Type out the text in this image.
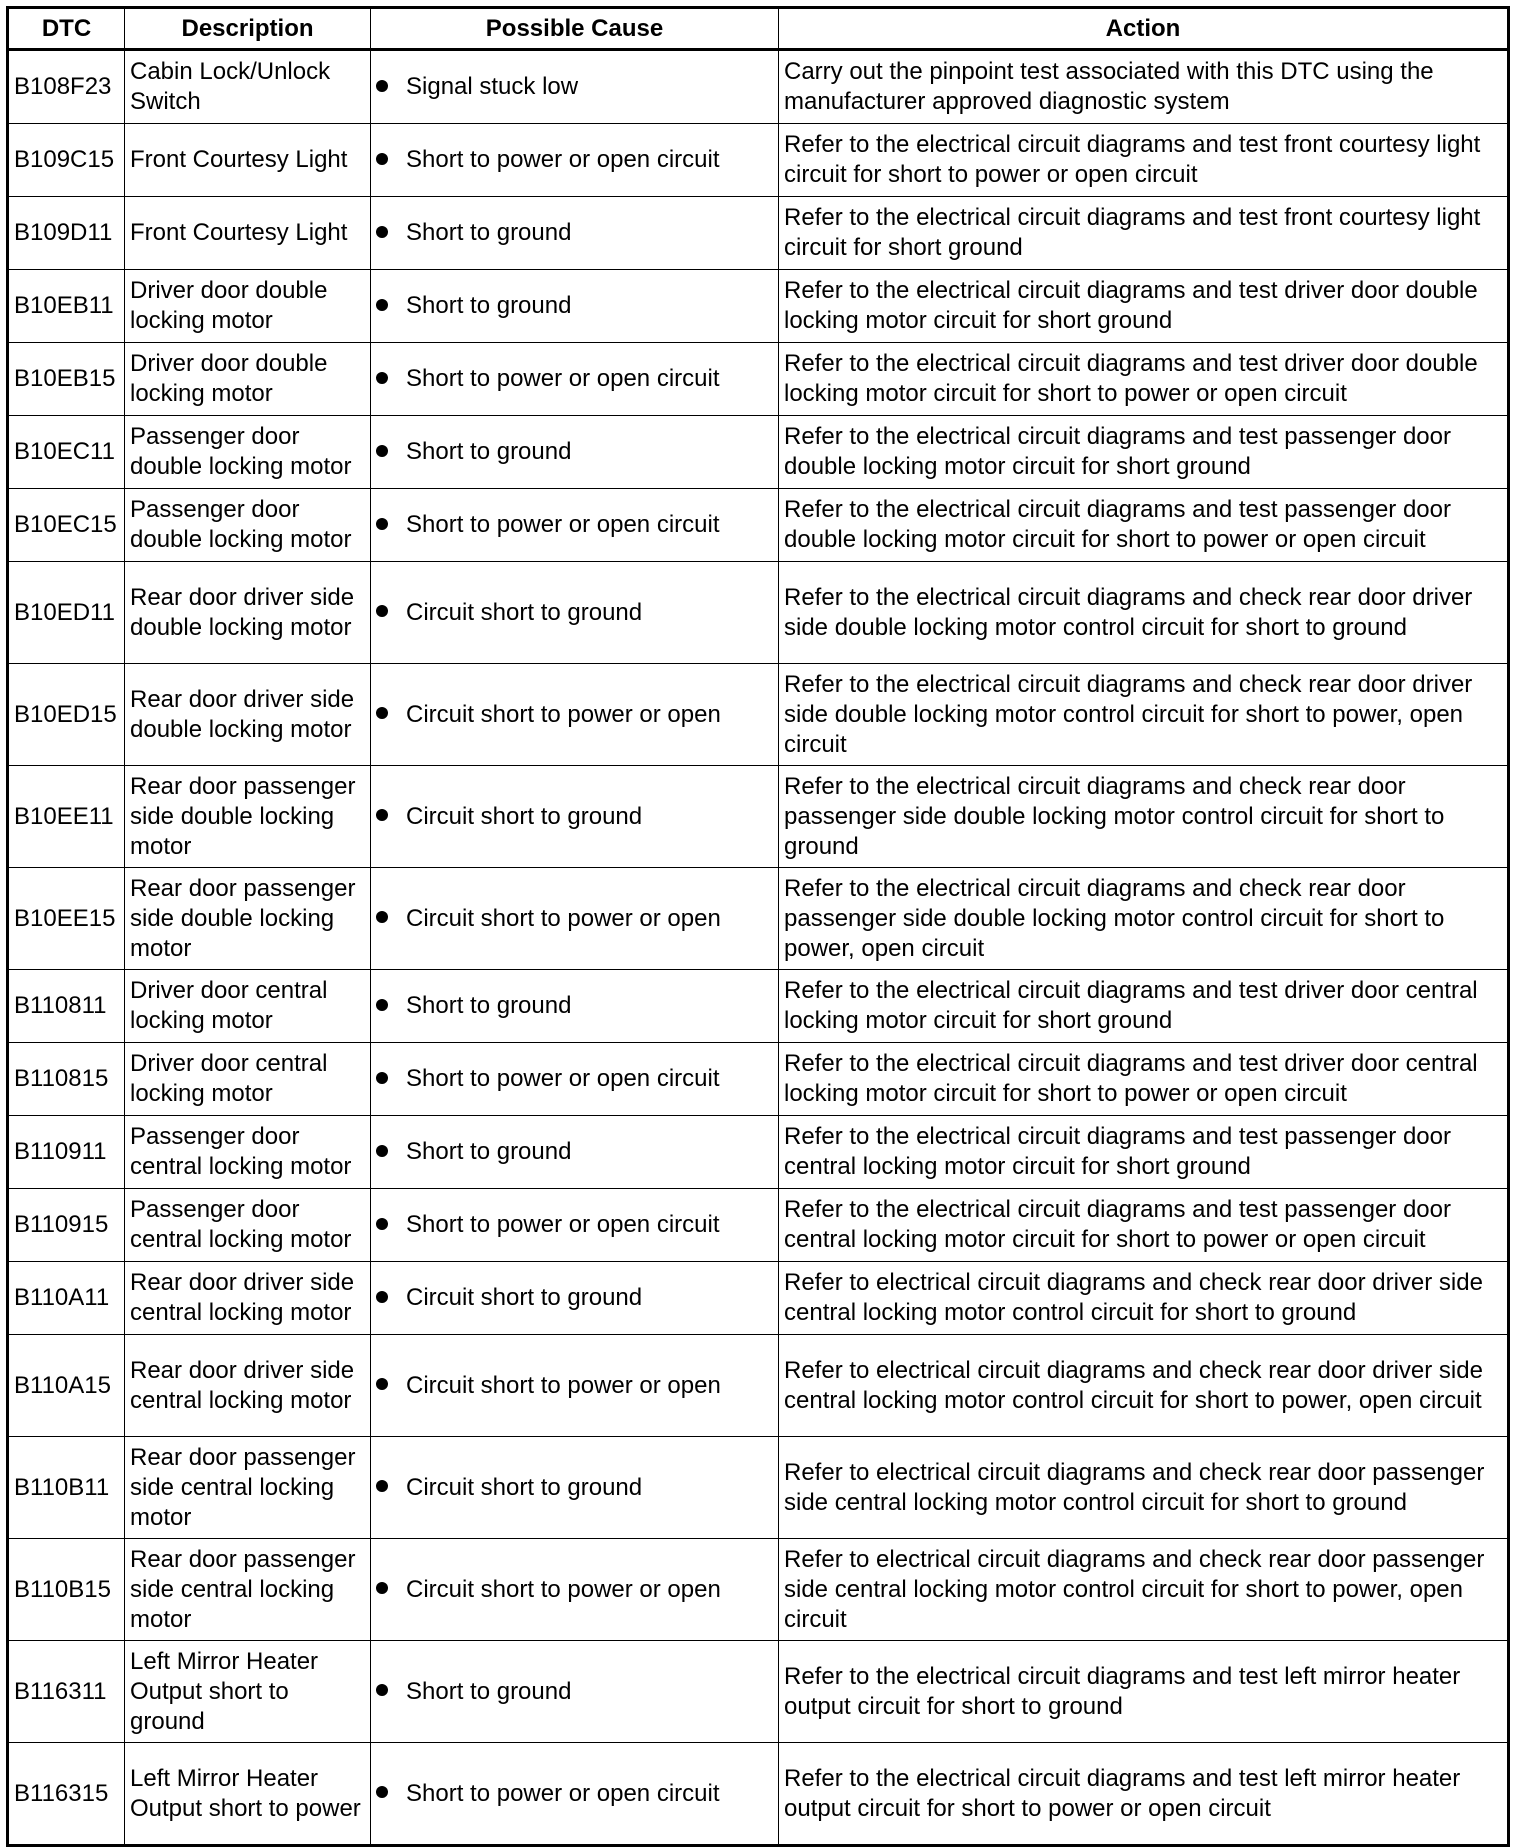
DTC	Description	Possible Cause	Action
B108F23	Cabin Lock/Unlock Switch	Signal stuck low	Carry out the pinpoint test associated with this DTC using the manufacturer approved diagnostic system
B109C15	Front Courtesy Light	Short to power or open circuit	Refer to the electrical circuit diagrams and test front courtesy light circuit for short to power or open circuit
B109D11	Front Courtesy Light	Short to ground	Refer to the electrical circuit diagrams and test front courtesy light circuit for short ground
B10EB11	Driver door double locking motor	Short to ground	Refer to the electrical circuit diagrams and test driver door double locking motor circuit for short ground
B10EB15	Driver door double locking motor	Short to power or open circuit	Refer to the electrical circuit diagrams and test driver door double locking motor circuit for short to power or open circuit
B10EC11	Passenger door double locking motor	Short to ground	Refer to the electrical circuit diagrams and test passenger door double locking motor circuit for short ground
B10EC15	Passenger door double locking motor	Short to power or open circuit	Refer to the electrical circuit diagrams and test passenger door double locking motor circuit for short to power or open circuit
B10ED11	Rear door driver side double locking motor	Circuit short to ground	Refer to the electrical circuit diagrams and check rear door driver side double locking motor control circuit for short to ground
B10ED15	Rear door driver side double locking motor	Circuit short to power or open	Refer to the electrical circuit diagrams and check rear door driver side double locking motor control circuit for short to power, open circuit
B10EE11	Rear door passenger side double locking motor	Circuit short to ground	Refer to the electrical circuit diagrams and check rear door passenger side double locking motor control circuit for short to ground
B10EE15	Rear door passenger side double locking motor	Circuit short to power or open	Refer to the electrical circuit diagrams and check rear door passenger side double locking motor control circuit for short to power, open circuit
B110811	Driver door central locking motor	Short to ground	Refer to the electrical circuit diagrams and test driver door central locking motor circuit for short ground
B110815	Driver door central locking motor	Short to power or open circuit	Refer to the electrical circuit diagrams and test driver door central locking motor circuit for short to power or open circuit
B110911	Passenger door central locking motor	Short to ground	Refer to the electrical circuit diagrams and test passenger door central locking motor circuit for short ground
B110915	Passenger door central locking motor	Short to power or open circuit	Refer to the electrical circuit diagrams and test passenger door central locking motor circuit for short to power or open circuit
B110A11	Rear door driver side central locking motor	Circuit short to ground	Refer to electrical circuit diagrams and check rear door driver side central locking motor control circuit for short to ground
B110A15	Rear door driver side central locking motor	Circuit short to power or open	Refer to electrical circuit diagrams and check rear door driver side central locking motor control circuit for short to power, open circuit
B110B11	Rear door passenger side central locking motor	Circuit short to ground	Refer to electrical circuit diagrams and check rear door passenger side central locking motor control circuit for short to ground
B110B15	Rear door passenger side central locking motor	Circuit short to power or open	Refer to electrical circuit diagrams and check rear door passenger side central locking motor control circuit for short to power, open circuit
B116311	Left Mirror Heater Output short to ground	Short to ground	Refer to the electrical circuit diagrams and test left mirror heater output circuit for short to ground
B116315	Left Mirror Heater Output short to power	Short to power or open circuit	Refer to the electrical circuit diagrams and test left mirror heater output circuit for short to power or open circuit
